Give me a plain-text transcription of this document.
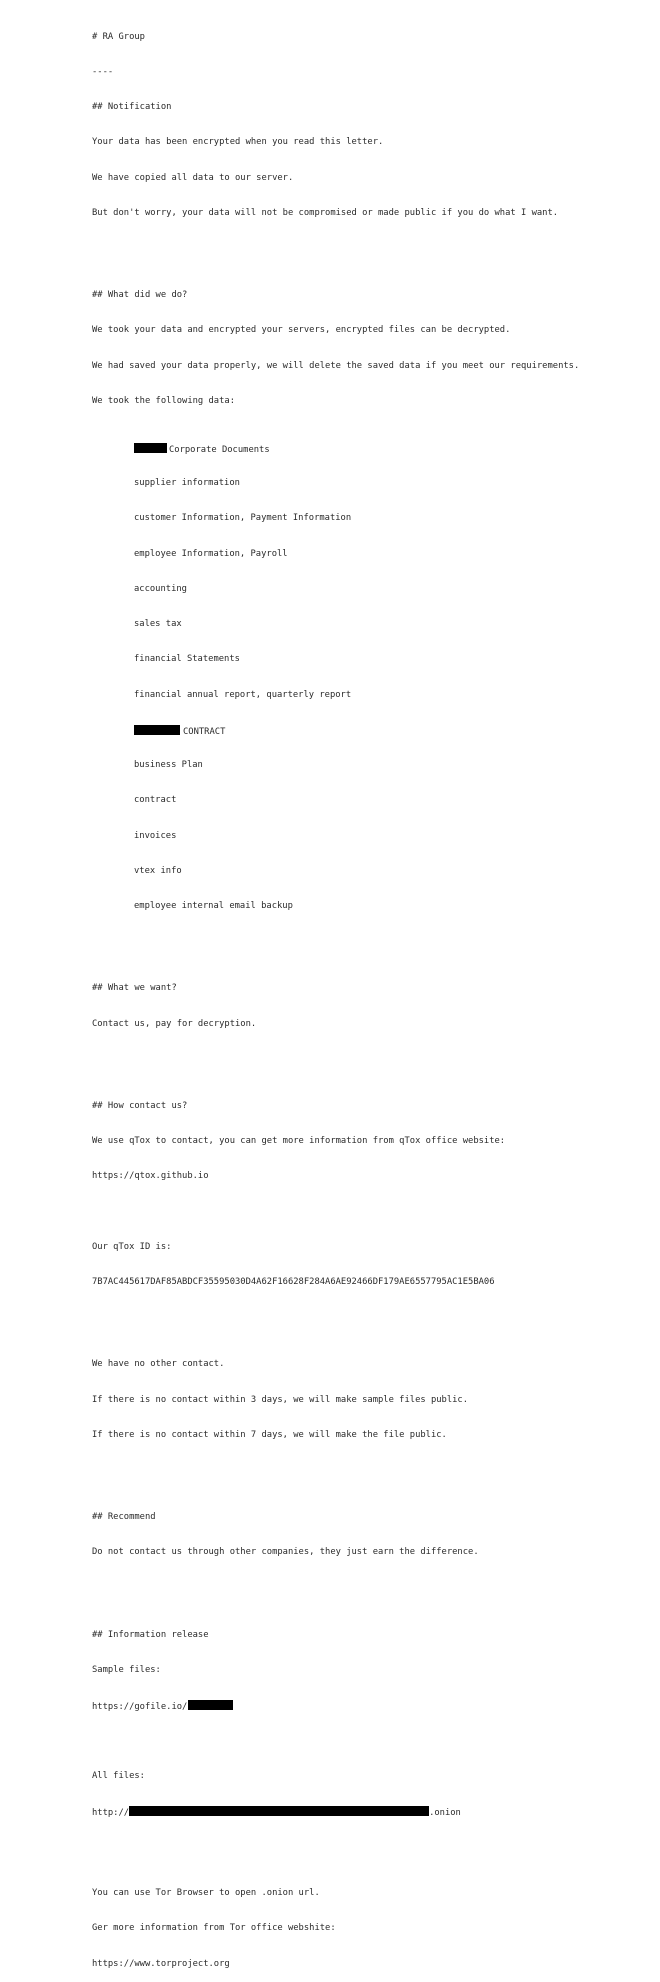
# RA Group

----

## Notification

Your data has been encrypted when you read this letter.

We have copied all data to our server.

But don't worry, your data will not be compromised or made public if you do what I want.

## What did we do?

We took your data and encrypted your servers, encrypted files can be decrypted.

We had saved your data properly, we will delete the saved data if you meet our requirements.

We took the following data:

Corporate Documents

supplier information

customer Information, Payment Information

employee Information, Payroll

accounting

sales tax

financial Statements

financial annual report, quarterly report

CONTRACT

business Plan

contract

invoices

vtex info

employee internal email backup

## What we want?

Contact us, pay for decryption.

## How contact us?

We use qTox to contact, you can get more information from qTox office website:

https://qtox.github.io

Our qTox ID is:

7B7AC445617DAF85ABDCF35595030D4A62F16628F284A6AE92466DF179AE6557795AC1E5BA06

We have no other contact.

If there is no contact within 3 days, we will make sample files public.

If there is no contact within 7 days, we will make the file public.

## Recommend

Do not contact us through other companies, they just earn the difference.

## Information release

Sample files:

https://gofile.io/

All files:

http://	.onion

You can use Tor Browser to open .onion url.

Ger more information from Tor office webshite:

https://www.torproject.org
